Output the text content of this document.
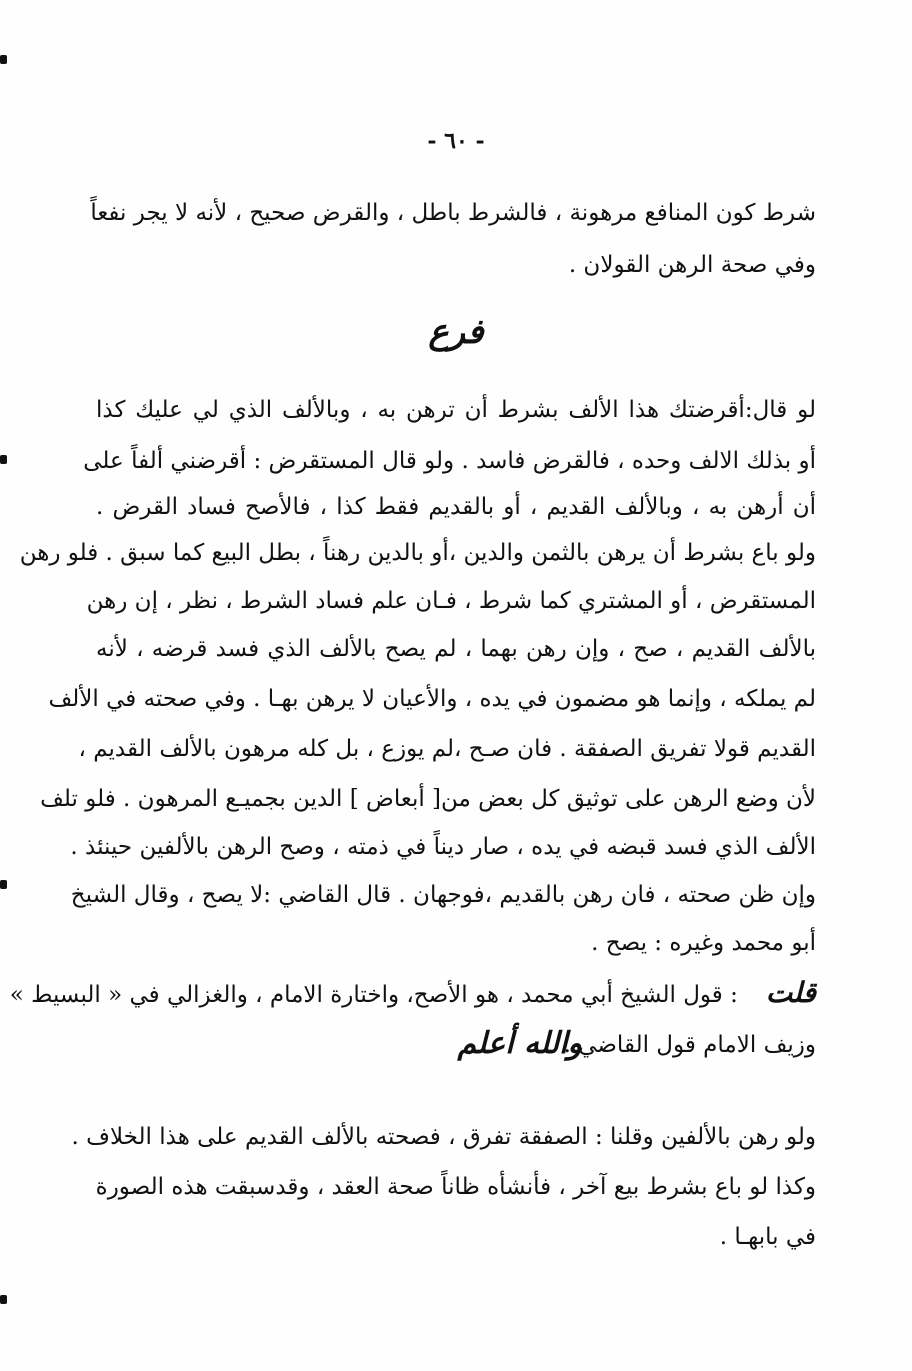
- ٦٠ -
شرط كون المنافع مرهونة ، فالشرط باطل ، والقرض صحيح ، لأنه لا يجر نفعاً
وفي صحة الرهن القولان .
فرع
لو قال:أقرضتك هذا الألف بشرط أن ترهن به ، وبالألف الذي لي عليك كذا
أو بذلك الالف وحده ، فالقرض فاسد . ولو قال المستقرض : أقرضني ألفاً على
أن أرهن به ، وبالألف القديم ، أو بالقديم فقط كذا ، فالأصح فساد القرض .
ولو باع بشرط أن يرهن بالثمن والدين ،أو بالدين رهناً ، بطل البيع كما سبق . فلو رهن
المستقرض ، أو المشتري كما شرط ، فـان علم فساد الشرط ، نظر ، إن رهن
بالألف القديم ، صح ، وإن رهن بهما ، لم يصح بالألف الذي فسد قرضه ، لأنه
لم يملكه ، وإنما هو مضمون في يده ، والأعيان لا يرهن بهـا . وفي صحته في الألف
القديم قولا تفريق الصفقة . فان صـح ،لم يوزع ، بل كله مرهون بالألف القديم ،
لأن وضع الرهن على توثيق كل بعض من[ أبعاض ] الدين بجميـع المرهون . فلو تلف
الألف الذي فسد قبضه في يده ، صار ديناً في ذمته ، وصح الرهن بالألفين حينئذ .
وإن ظن صحته ، فان رهن بالقديم ،فوجهان . قال القاضي :لا يصح ، وقال الشيخ
أبو محمد وغيره : يصح .
قلت: قول الشيخ أبي محمد ، هو الأصح، واختارة الامام ، والغزالي في « البسيط »
وزيف الامام قول القاضي .
والله أعلم
ولو رهن بالألفين وقلنا : الصفقة تفرق ، فصحته بالألف القديم على هذا الخلاف .
وكذا لو باع بشرط بيع آخر ، فأنشأه ظاناً صحة العقد ، وقدسبقت هذه الصورة
في بابهـا .
